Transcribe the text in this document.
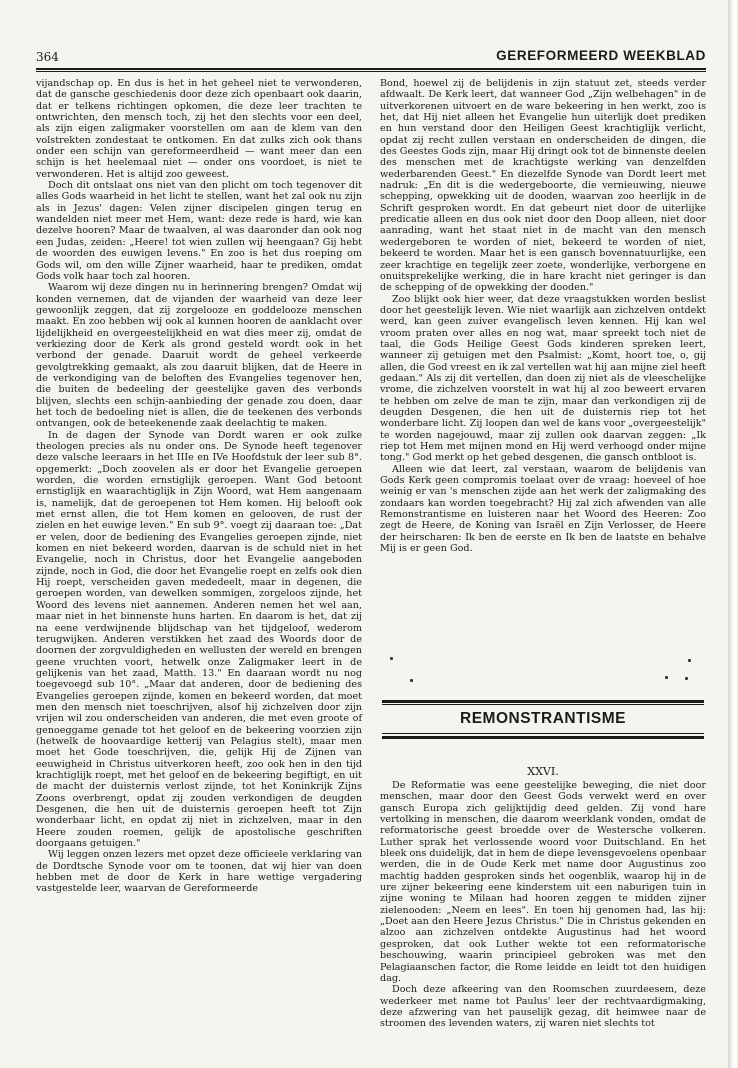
364	GEREFORMEERD WEEKBLAD

vijandschap op. En dus is het in het geheel niet te verwonderen, dat de gansche geschiedenis door deze zich openbaart ook daarin, dat er telkens richtingen opkomen, die deze leer trachten te ontwrichten, den mensch toch, zij het den slechts voor een deel, als zijn eigen zaligmaker voorstellen om aan de klem van den volstrekten zondestaat te ontkomen. En dat zulks zich ook thans onder een schijn van gereformeerdheid — want meer dan een schijn is het heelemaal niet — onder ons voordoet, is niet te verwonderen. Het is altijd zoo geweest.

Doch dit ontslaat ons niet van den plicht om toch tegenover dit alles Gods waarheid in het licht te stellen, want het zal ook nu zijn als in Jezus' dagen: Velen zijner discipelen gingen terug en wandelden niet meer met Hem, want: deze rede is hard, wie kan dezelve hooren? Maar de twaalven, al was daaronder dan ook nog een Judas, zeiden: „Heere! tot wien zullen wij heengaan? Gij hebt de woorden des euwigen levens." En zoo is het dus roeping om Gods wil, om den wille Zijner waarheid, haar te prediken, omdat Gods volk haar toch zal hooren.

Waarom wij deze dingen nu in herinnering brengen? Omdat wij konden vernemen, dat de vijanden der waarheid van deze leer gewoonlijk zeggen, dat zij zorgelooze en goddelooze menschen maakt. En zoo hebben wij ook al kunnen hooren de aanklacht over lijdelijkheid en overgeestelijkheid en wat dies meer zij, omdat de verkiezing door de Kerk als grond gesteld wordt ook in het verbond der genade. Daaruit wordt de geheel verkeerde gevolgtrekking gemaakt, als zou daaruit blijken, dat de Heere in de verkondiging van de beloften des Evangelies tegenover hen, die buiten de bedeeling der geestelijke gaven des verbonds blijven, slechts een schijn-aanbieding der genade zou doen, daar het toch de bedoeling niet is allen, die de teekenen des verbonds ontvangen, ook de beteekenende zaak deelachtig te maken.

In de dagen der Synode van Dordt waren er ook zulke theologen precies als nu onder ons. De Synode heeft tegenover deze valsche leeraars in het IIIe en IVe Hoofdstuk der leer sub 8°. opgemerkt: „Doch zoovelen als er door het Evangelie geroepen worden, die worden ernstiglijk geroepen. Want God betoont ernstiglijk en waarachtiglijk in Zijn Woord, wat Hem aangenaam is, namelijk, dat de geroepenen tot Hem komen. Hij belooft ook met ernst allen, die tot Hem komen en gelooven, de rust der zielen en het euwige leven." En sub 9°. voegt zij daaraan toe: „Dat er velen, door de bediening des Evangelies geroepen zijnde, niet komen en niet bekeerd worden, daarvan is de schuld niet in het Evangelie, noch in Christus, door het Evangelie aangeboden zijnde, noch in God, die door het Evangelie roept en zelfs ook dien Hij roept, verscheiden gaven mededeelt, maar in degenen, die geroepen worden, van dewelken sommigen, zorgeloos zijnde, het Woord des levens niet aannemen. Anderen nemen het wel aan, maar niet in het binnenste huns harten. En daarom is het, dat zij na eene verdwijnende blijdschap van het tijdgeloof, wederom terugwijken. Anderen verstikken het zaad des Woords door de doornen der zorgvuldigheden en wellusten der wereld en brengen geene vruchten voort, hetwelk onze Zaligmaker leert in de gelijkenis van het zaad, Matth. 13." En daaraan wordt nu nog toegevoegd sub 10°. „Maar dat anderen, door de bediening des Evangelies geroepen zijnde, komen en bekeerd worden, dat moet men den mensch niet toeschrijven, alsof hij zichzelven door zijn vrijen wil zou onderscheiden van anderen, die met even groote of genoeggame genade tot het geloof en de bekeering voorzien zijn (hetwelk de hoovaardige ketterij van Pelagius stelt), maar men moet het Gode toeschrijven, die, gelijk Hij de Zijnen van eeuwigheid in Christus uitverkoren heeft, zoo ook hen in den tijd krachtiglijk roept, met het geloof en de bekeering begiftigt, en uit de macht der duisternis verlost zijnde, tot het Koninkrijk Zijns Zoons overbrengt, opdat zij zouden verkondigen de deugden Desgenen, die hen uit de duisternis geroepen heeft tot Zijn wonderbaar licht, en opdat zij niet in zichzelven, maar in den Heere zouden roemen, gelijk de apostolische geschriften doorgaans getuigen."

Wij leggen onzen lezers met opzet deze officieele verklaring van de Dordtsche Synode voor om te toonen, dat wij hier van doen hebben met de door de Kerk in hare wettige vergadering vastgestelde leer, waarvan de Gereformeerde

Bond, hoewel zij de belijdenis in zijn statuut zet, steeds verder afdwaalt. De Kerk leert, dat wanneer God „Zijn welbehagen" in de uitverkorenen uitvoert en de ware bekeering in hen werkt, zoo is het, dat Hij niet alleen het Evangelie hun uiterlijk doet prediken en hun verstand door den Heiligen Geest krachtiglijk verlicht, opdat zij recht zullen verstaan en onderscheiden de dingen, die des Geestes Gods zijn, maar Hij dringt ook tot de binnenste deelen des menschen met de krachtigste werking van denzelfden wederbarenden Geest." En diezelfde Synode van Dordt leert met nadruk: „En dit is die wedergeboorte, die vernieuwing, nieuwe schepping, opwekking uit de dooden, waarvan zoo heerlijk in de Schrift gesproken wordt. En dat gebeurt niet door de uiterlijke predicatie alleen en dus ook niet door den Doop alleen, niet door aanrading, want het staat niet in de macht van den mensch wedergeboren te worden of niet, bekeerd te worden of niet, bekeerd te worden. Maar het is een gansch bovennatuurlijke, een zeer krachtige en tegelijk zeer zoete, wonderlijke, verborgene en onuitsprekelijke werking, die in hare kracht niet geringer is dan de schepping of de opwekking der dooden."

Zoo blijkt ook hier weer, dat deze vraagstukken worden beslist door het geestelijk leven. Wie niet waarlijk aan zichzelven ontdekt werd, kan geen zuiver evangelisch leven kennen. Hij kan wel vroom praten over alles en nog wat, maar spreekt toch niet de taal, die Gods Heilige Geest Gods kinderen spreken leert, wanneer zij getuigen met den Psalmist: „Komt, hoort toe, o, gij allen, die God vreest en ik zal vertellen wat hij aan mijne ziel heeft gedaan." Als zij dit vertellen, dan doen zij niet als de vleeschelijke vrome, die zichzelven voorstelt in wat hij al zoo beweert ervaren te hebben om zelve de man te zijn, maar dan verkondigen zij de deugden Desgenen, die hen uit de duisternis riep tot het wonderbare licht. Zij loopen dan wel de kans voor „overgeestelijk" te worden nagejouwd, maar zij zullen ook daarvan zeggen: „Ik riep tot Hem met mijnen mond en Hij werd verhoogd onder mijne tong." God merkt op het gebed desgenen, die gansch ontbloot is.

Alleen wie dat leert, zal verstaan, waarom de belijdenis van Gods Kerk geen compromis toelaat over de vraag: hoeveel of hoe weinig er van 's menschen zijde aan het werk der zaligmaking des zondaars kan worden toegebracht? Hij zal zich afwenden van alle Remonstrantisme en luisteren naar het Woord des Heeren: Zoo zegt de Heere, de Koning van Israël en Zijn Verlosser, de Heere der heirscharen: Ik ben de eerste en Ik ben de laatste en behalve Mij is er geen God.

REMONSTRANTISME
XXVI.

De Reformatie was eene geestelijke beweging, die niet door menschen, maar door den Geest Gods verwekt werd en over gansch Europa zich gelijktijdig deed gelden. Zij vond hare vertolking in menschen, die daarom weerklank vonden, omdat de reformatorische geest broedde over de Westersche volkeren. Luther sprak het verlossende woord voor Duitschland. En het bleek ons duidelijk, dat in hem de diepe levensgevoelens openbaar werden, die in de Oude Kerk met name door Augustinus zoo machtig hadden gesproken sinds het oogenblik, waarop hij in de ure zijner bekeering eene kinderstem uit een naburigen tuin in zijne woning te Milaan had hooren zeggen te midden zijner zielenooden: „Neem en lees". En toen hij genomen had, las hij: „Doet aan den Heere Jezus Christus." Die in Christus gekenden en alzoo aan zichzelven ontdekte Augustinus had het woord gesproken, dat ook Luther wekte tot een reformatorische beschouwing, waarin principieel gebroken was met den Pelagiaanschen factor, die Rome leidde en leidt tot den huidigen dag.

Doch deze afkeering van den Roomschen zuurdeesem, deze wederkeer met name tot Paulus' leer der rechtvaardigmaking, deze afzwering van het pauselijk gezag, dit heimwee naar de stroomen des levenden waters, zij waren niet slechts tot
